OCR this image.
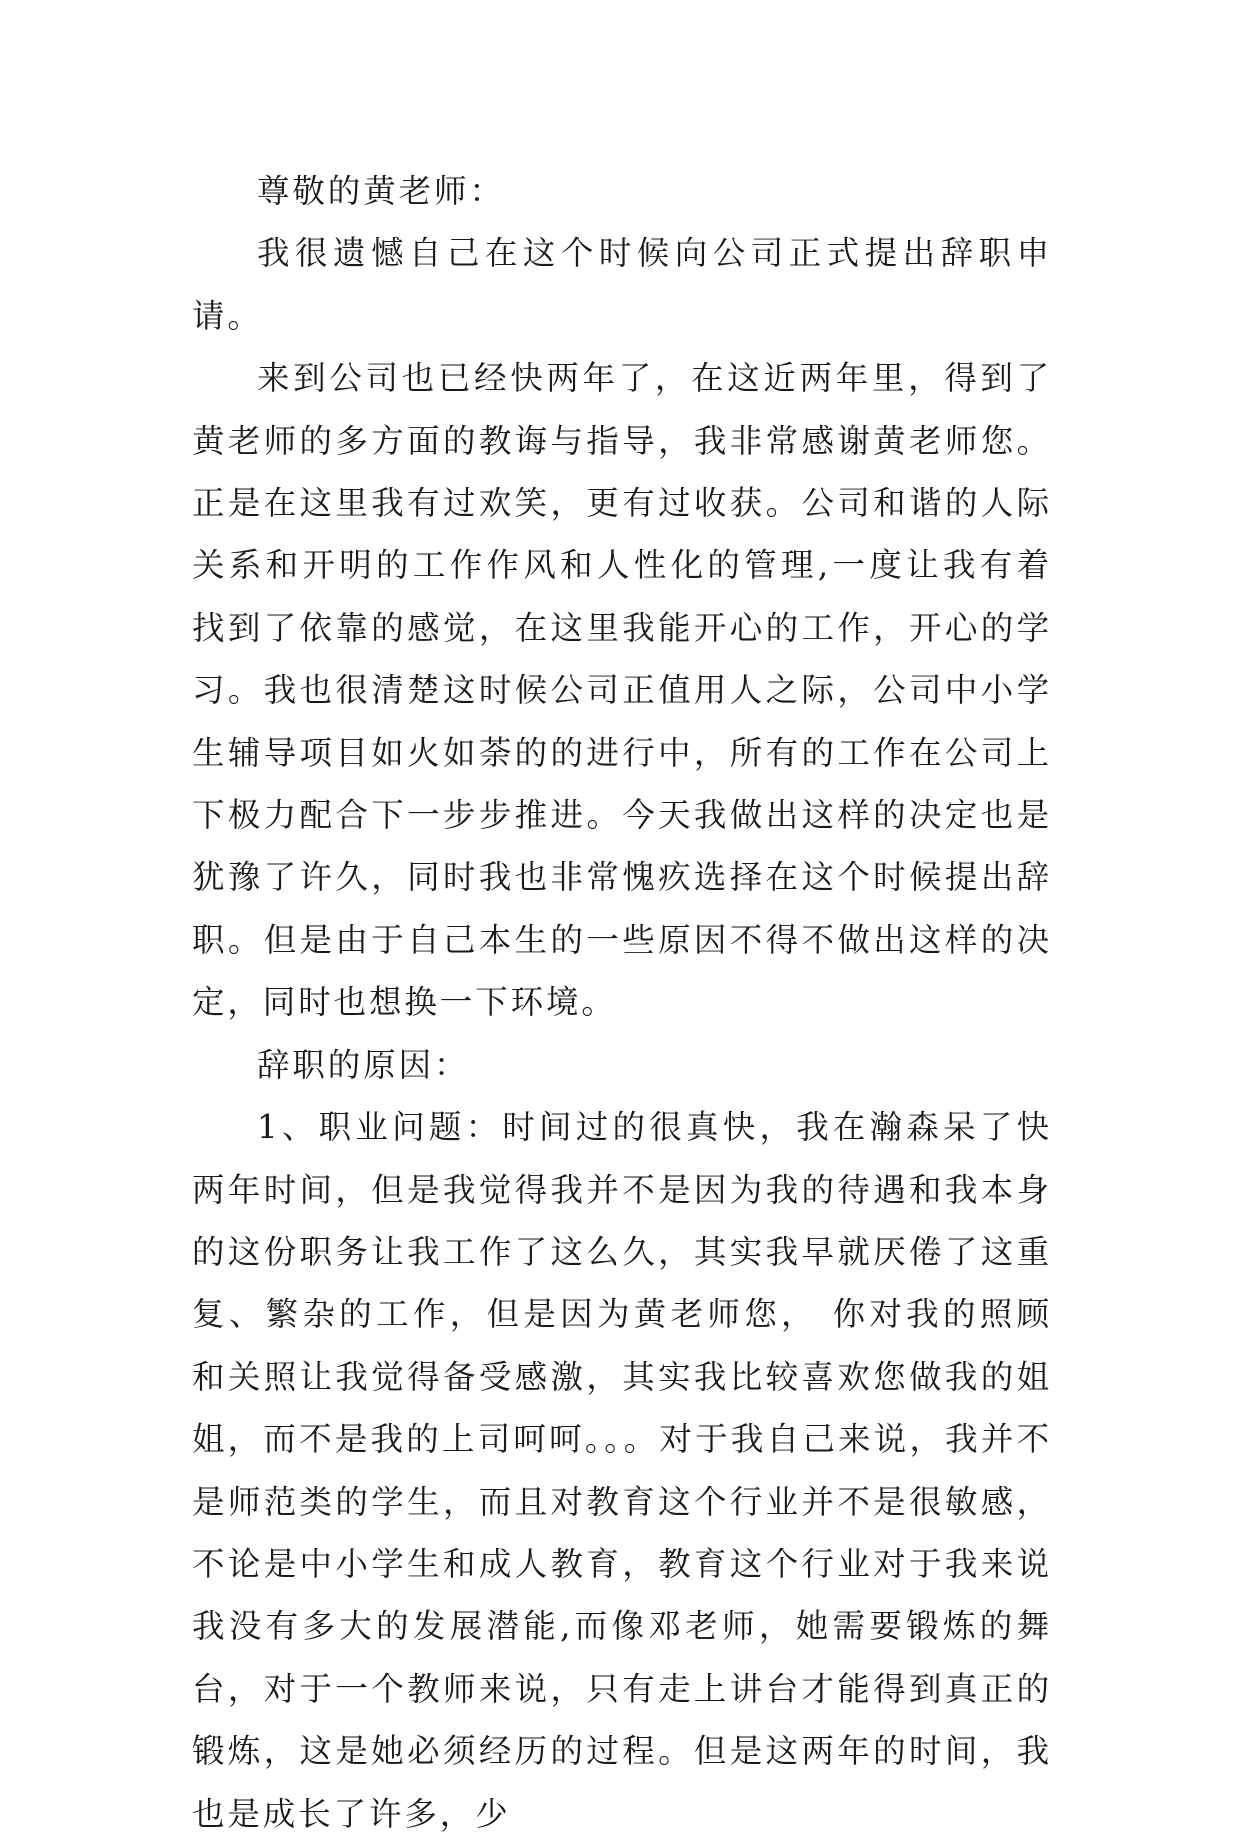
尊敬的黄老师：

我很遗憾自己在这个时候向公司正式提出辞职申请。

来到公司也已经快两年了，在这近两年里，得到了黄老师的多方面的教诲与指导，我非常感谢黄老师您。正是在这里我有过欢笑，更有过收获。公司和谐的人际关系和开明的工作作风和人性化的管理,一度让我有着找到了依靠的感觉，在这里我能开心的工作，开心的学习。我也很清楚这时候公司正值用人之际，公司中小学生辅导项目如火如荼的的进行中，所有的工作在公司上下极力配合下一步步推进。今天我做出这样的决定也是犹豫了许久，同时我也非常愧疚选择在这个时候提出辞职。但是由于自己本生的一些原因不得不做出这样的决定，同时也想换一下环境。

辞职的原因：

1、职业问题：时间过的很真快，我在瀚森呆了快两年时间，但是我觉得我并不是因为我的待遇和我本身的这份职务让我工作了这么久，其实我早就厌倦了这重复、繁杂的工作，但是因为黄老师您， 你对我的照顾和关照让我觉得备受感激，其实我比较喜欢您做我的姐姐，而不是我的上司呵呵。。。对于我自己来说，我并不是师范类的学生，而且对教育这个行业并不是很敏感，不论是中小学生和成人教育，教育这个行业对于我来说我没有多大的发展潜能,而像邓老师，她需要锻炼的舞台，对于一个教师来说，只有走上讲台才能得到真正的锻炼，这是她必须经历的过程。但是这两年的时间，我也是成长了许多，少
